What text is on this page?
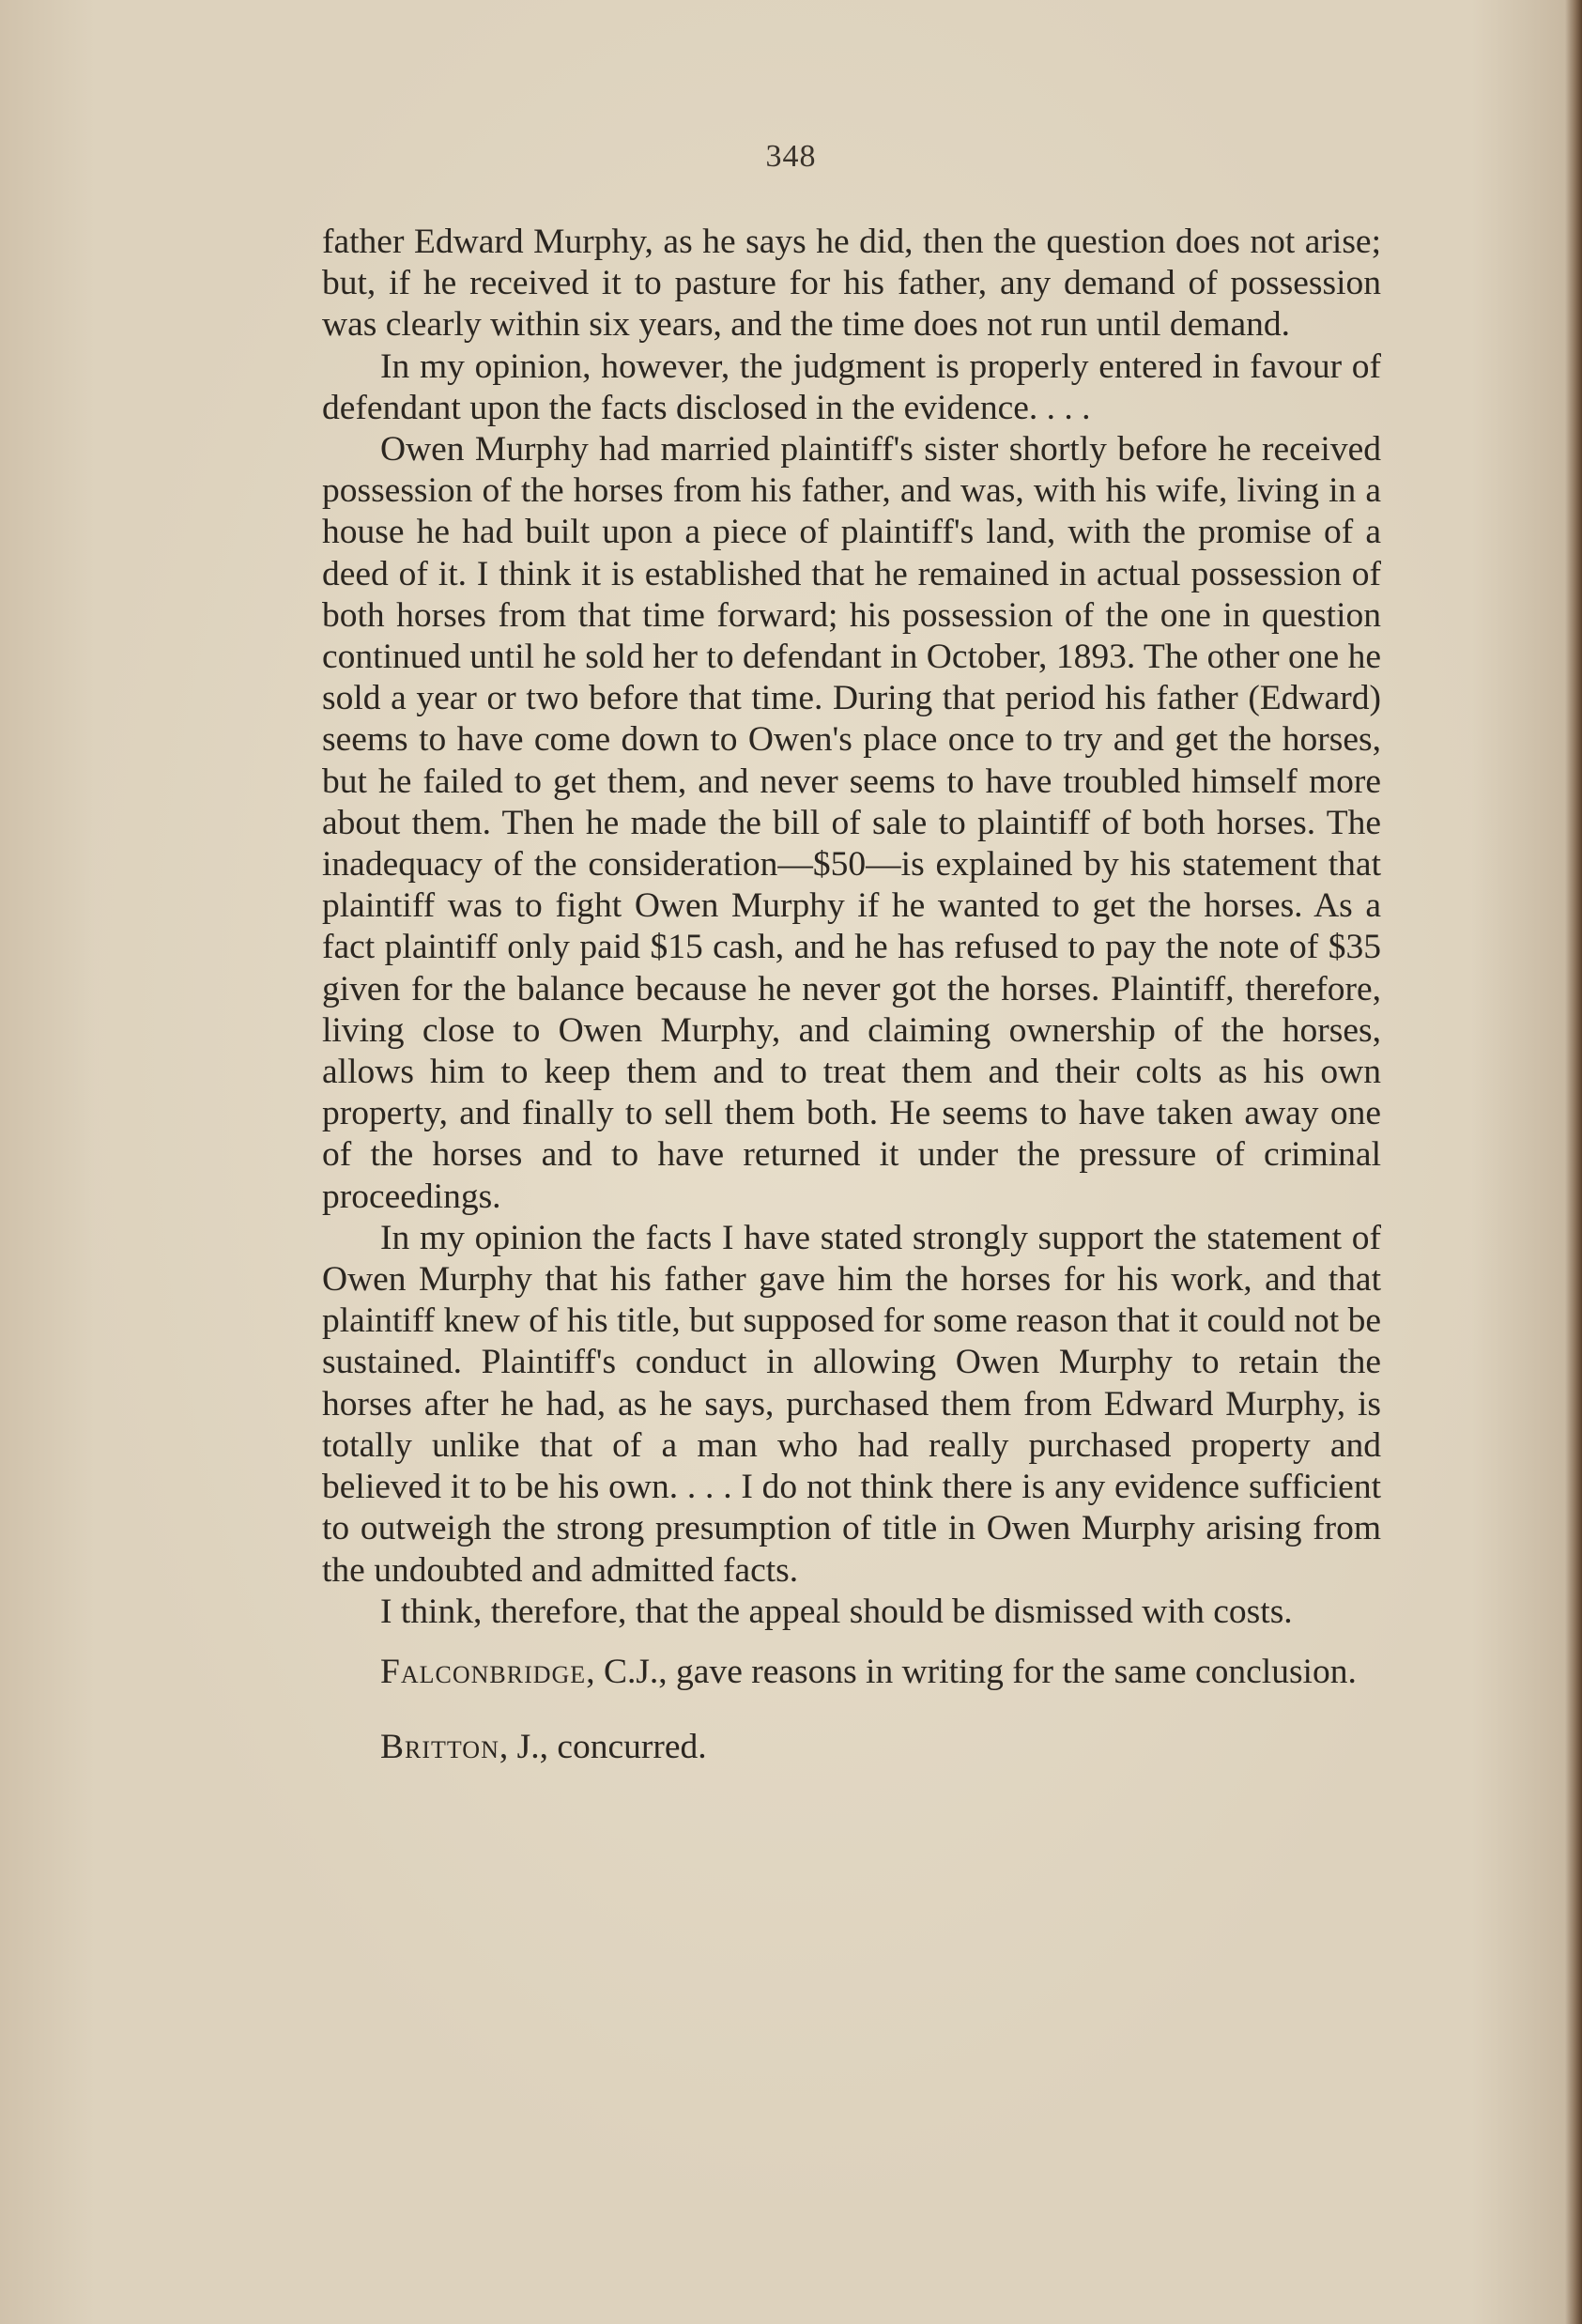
348

father Edward Murphy, as he says he did, then the question does not arise; but, if he received it to pasture for his father, any demand of possession was clearly within six years, and the time does not run until demand.

In my opinion, however, the judgment is properly entered in favour of defendant upon the facts disclosed in the evidence. . . .

Owen Murphy had married plaintiff's sister shortly before he received possession of the horses from his father, and was, with his wife, living in a house he had built upon a piece of plaintiff's land, with the promise of a deed of it. I think it is established that he remained in actual possession of both horses from that time forward; his possession of the one in question continued until he sold her to defendant in October, 1893. The other one he sold a year or two before that time. During that period his father (Edward) seems to have come down to Owen's place once to try and get the horses, but he failed to get them, and never seems to have troubled himself more about them. Then he made the bill of sale to plaintiff of both horses. The inadequacy of the consideration—$50—is explained by his statement that plaintiff was to fight Owen Murphy if he wanted to get the horses. As a fact plaintiff only paid $15 cash, and he has refused to pay the note of $35 given for the balance because he never got the horses. Plaintiff, therefore, living close to Owen Murphy, and claiming ownership of the horses, allows him to keep them and to treat them and their colts as his own property, and finally to sell them both. He seems to have taken away one of the horses and to have returned it under the pressure of criminal proceedings.

In my opinion the facts I have stated strongly support the statement of Owen Murphy that his father gave him the horses for his work, and that plaintiff knew of his title, but supposed for some reason that it could not be sustained. Plaintiff's conduct in allowing Owen Murphy to retain the horses after he had, as he says, purchased them from Edward Murphy, is totally unlike that of a man who had really purchased property and believed it to be his own. . . . I do not think there is any evidence sufficient to outweigh the strong presumption of title in Owen Murphy arising from the undoubted and admitted facts.

I think, therefore, that the appeal should be dismissed with costs.

Falconbridge, C.J., gave reasons in writing for the same conclusion.

Britton, J., concurred.
